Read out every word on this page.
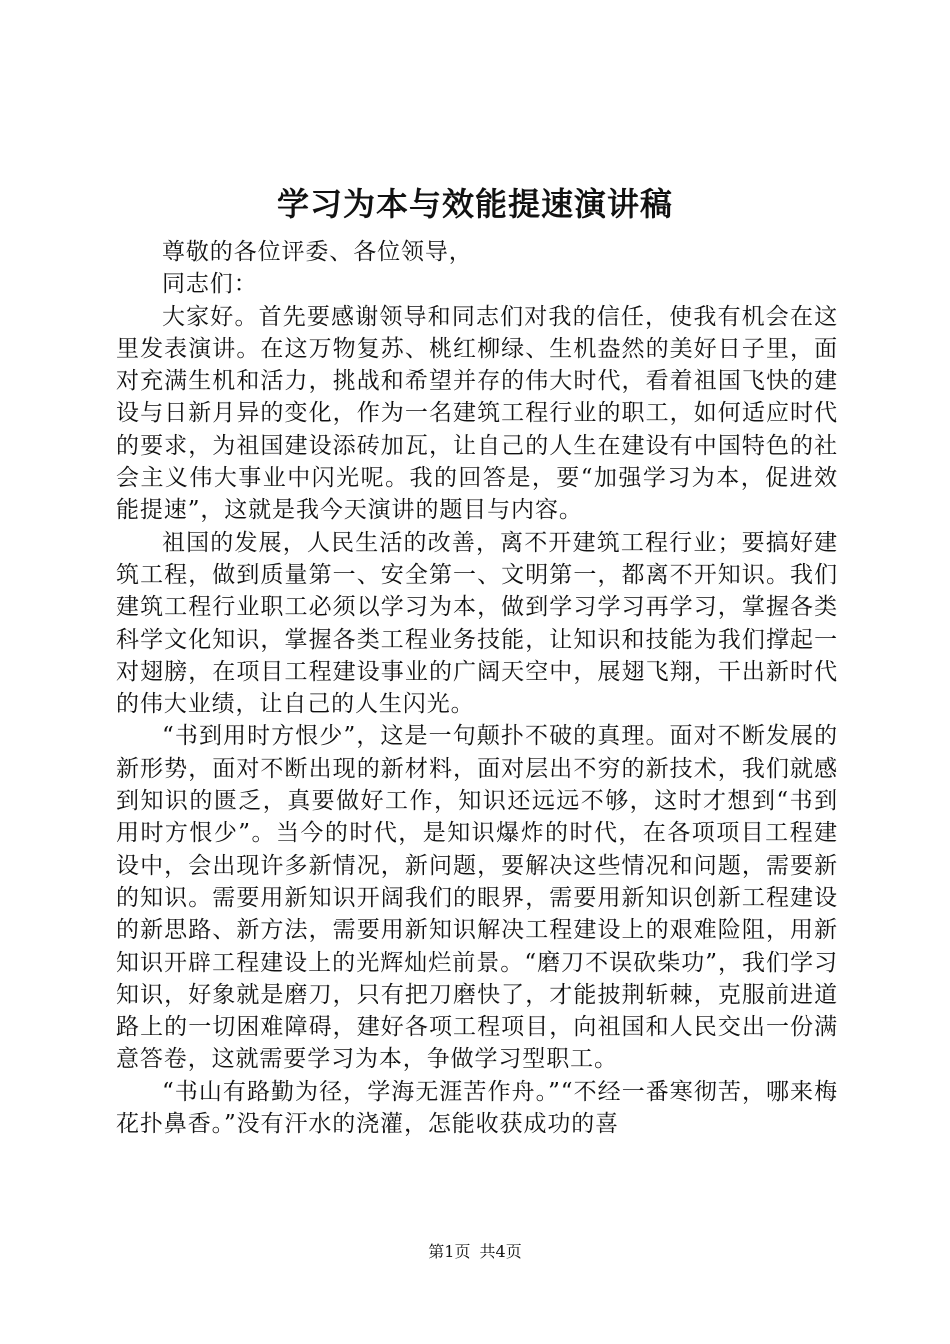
学习为本与效能提速演讲稿

尊敬的各位评委、各位领导，

同志们：

大家好。首先要感谢领导和同志们对我的信任，使我有机会在这里发表演讲。在这万物复苏、桃红柳绿、生机盎然的美好日子里，面对充满生机和活力，挑战和希望并存的伟大时代，看着祖国飞快的建设与日新月异的变化，作为一名建筑工程行业的职工，如何适应时代的要求，为祖国建设添砖加瓦，让自己的人生在建设有中国特色的社会主义伟大事业中闪光呢。我的回答是，要“加强学习为本，促进效能提速”，这就是我今天演讲的题目与内容。

祖国的发展，人民生活的改善，离不开建筑工程行业；要搞好建筑工程，做到质量第一、安全第一、文明第一，都离不开知识。我们建筑工程行业职工必须以学习为本，做到学习学习再学习，掌握各类科学文化知识，掌握各类工程业务技能，让知识和技能为我们撑起一对翅膀，在项目工程建设事业的广阔天空中，展翅飞翔，干出新时代的伟大业绩，让自己的人生闪光。

“书到用时方恨少”，这是一句颠扑不破的真理。面对不断发展的新形势，面对不断出现的新材料，面对层出不穷的新技术，我们就感到知识的匮乏，真要做好工作，知识还远远不够，这时才想到“书到用时方恨少”。当今的时代，是知识爆炸的时代，在各项项目工程建设中，会出现许多新情况，新问题，要解决这些情况和问题，需要新的知识。需要用新知识开阔我们的眼界，需要用新知识创新工程建设的新思路、新方法，需要用新知识解决工程建设上的艰难险阻，用新知识开辟工程建设上的光辉灿烂前景。“磨刀不误砍柴功”，我们学习知识，好象就是磨刀，只有把刀磨快了，才能披荆斩棘，克服前进道路上的一切困难障碍，建好各项工程项目，向祖国和人民交出一份满意答卷，这就需要学习为本，争做学习型职工。

“书山有路勤为径，学海无涯苦作舟。”“不经一番寒彻苦，哪来梅花扑鼻香。”没有汗水的浇灌，怎能收获成功的喜

第1页 共4页
